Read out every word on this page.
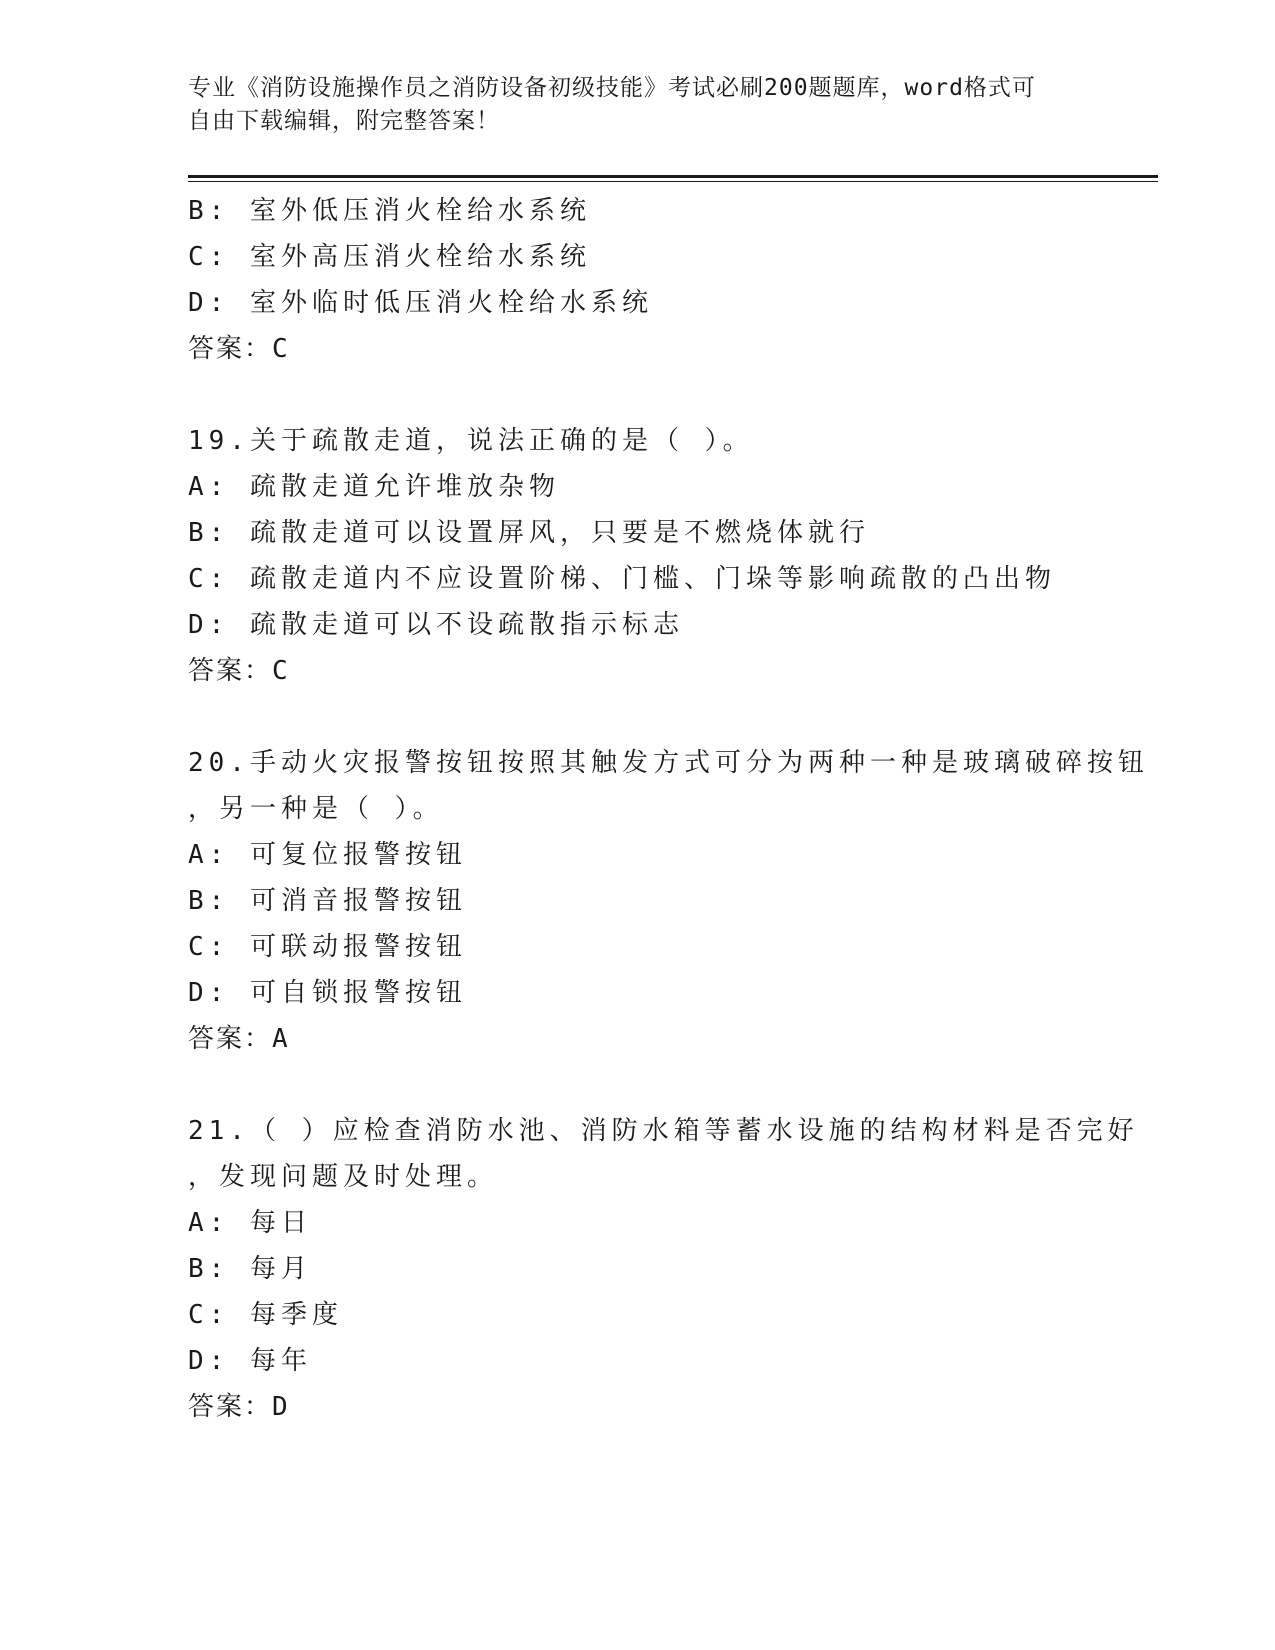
专业《消防设施操作员之消防设备初级技能》考试必刷200题题库，word格式可
自由下载编辑，附完整答案！
B: 室外低压消火栓给水系统
C: 室外高压消火栓给水系统
D: 室外临时低压消火栓给水系统
答案：C
19.关于疏散走道，说法正确的是（ ）。
A: 疏散走道允许堆放杂物
B: 疏散走道可以设置屏风，只要是不燃烧体就行
C: 疏散走道内不应设置阶梯、门槛、门垛等影响疏散的凸出物
D: 疏散走道可以不设疏散指示标志
答案：C
20.手动火灾报警按钮按照其触发方式可分为两种一种是玻璃破碎按钮
，另一种是（ ）。
A: 可复位报警按钮
B: 可消音报警按钮
C: 可联动报警按钮
D: 可自锁报警按钮
答案：A
21.（ ）应检查消防水池、消防水箱等蓄水设施的结构材料是否完好
，发现问题及时处理。
A: 每日
B: 每月
C: 每季度
D: 每年
答案：D
